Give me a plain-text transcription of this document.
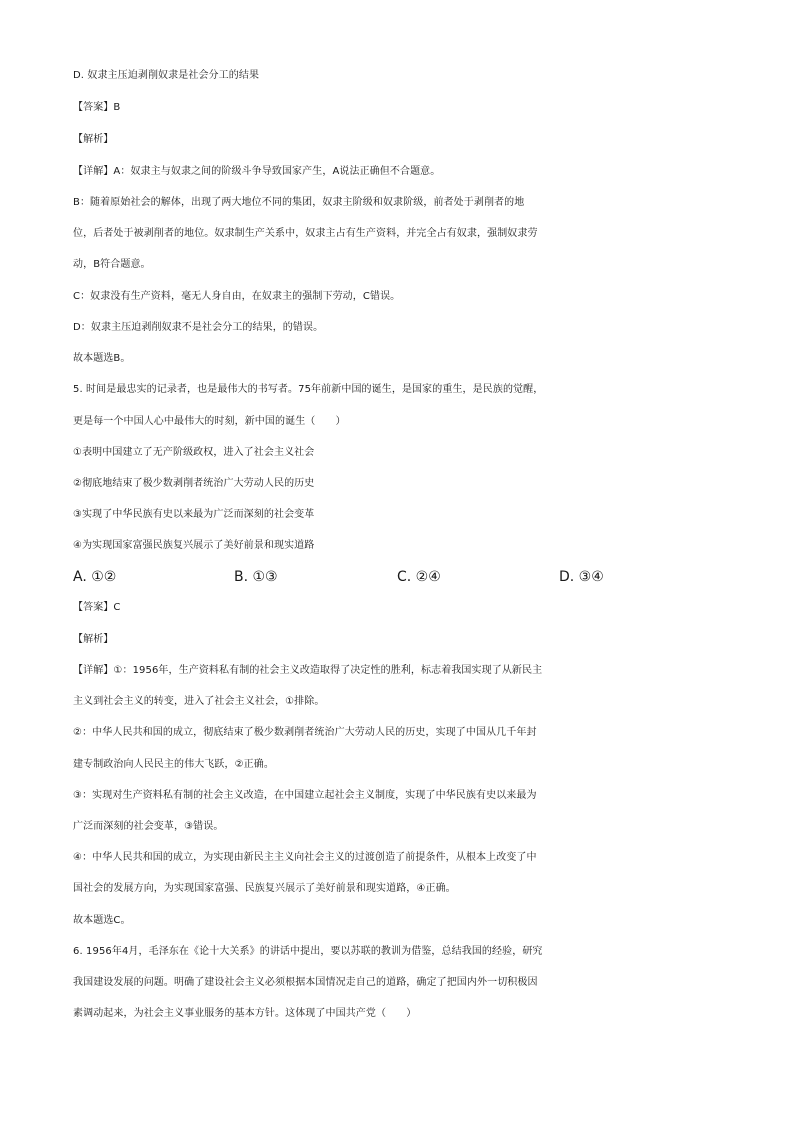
D. 奴隶主压迫剥削奴隶是社会分工的结果
【答案】B
【解析】
【详解】A：奴隶主与奴隶之间的阶级斗争导致国家产生，A说法正确但不合题意。
B：随着原始社会的解体，出现了两大地位不同的集团，奴隶主阶级和奴隶阶级，前者处于剥削者的地
位，后者处于被剥削者的地位。奴隶制生产关系中，奴隶主占有生产资料，并完全占有奴隶，强制奴隶劳
动，B符合题意。
C：奴隶没有生产资料，毫无人身自由，在奴隶主的强制下劳动，C错误。
D：奴隶主压迫剥削奴隶不是社会分工的结果，的错误。
故本题选B。
5. 时间是最忠实的记录者，也是最伟大的书写者。75年前新中国的诞生，是国家的重生，是民族的觉醒，
更是每一个中国人心中最伟大的时刻，新中国的诞生（　　）
①表明中国建立了无产阶级政权，进入了社会主义社会
②彻底地结束了极少数剥削者统治广大劳动人民的历史
③实现了中华民族有史以来最为广泛而深刻的社会变革
④为实现国家富强民族复兴展示了美好前景和现实道路
A. ①②	B. ①③	C. ②④	D. ③④
【答案】C
【解析】
【详解】①：1956年，生产资料私有制的社会主义改造取得了决定性的胜利，标志着我国实现了从新民主
主义到社会主义的转变，进入了社会主义社会，①排除。
②：中华人民共和国的成立，彻底结束了极少数剥削者统治广大劳动人民的历史，实现了中国从几千年封
建专制政治向人民民主的伟大飞跃，②正确。
③：实现对生产资料私有制的社会主义改造，在中国建立起社会主义制度，实现了中华民族有史以来最为
广泛而深刻的社会变革，③错误。
④：中华人民共和国的成立，为实现由新民主主义向社会主义的过渡创造了前提条件，从根本上改变了中
国社会的发展方向，为实现国家富强、民族复兴展示了美好前景和现实道路，④正确。
故本题选C。
6. 1956年4月，毛泽东在《论十大关系》的讲话中提出，要以苏联的教训为借鉴，总结我国的经验，研究
我国建设发展的问题。明确了建设社会主义必须根据本国情况走自己的道路，确定了把国内外一切积极因
素调动起来，为社会主义事业服务的基本方针。这体现了中国共产党（　　）
